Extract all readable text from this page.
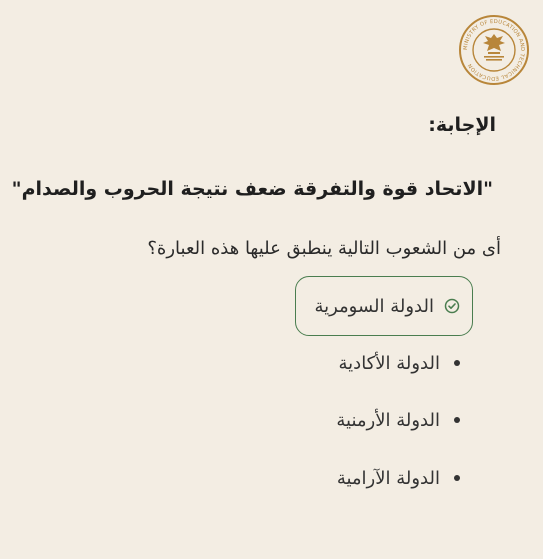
MINISTRY OF EDUCATION AND TECHNICAL EDUCATION
الإجابة:
"الاتحاد قوة والتفرقة ضعف نتيجة الحروب والصدام"
أى من الشعوب التالية ينطبق عليها هذه العبارة؟
الدولة السومرية
الدولة الأكادية
الدولة الأرمنية
الدولة الآرامية
